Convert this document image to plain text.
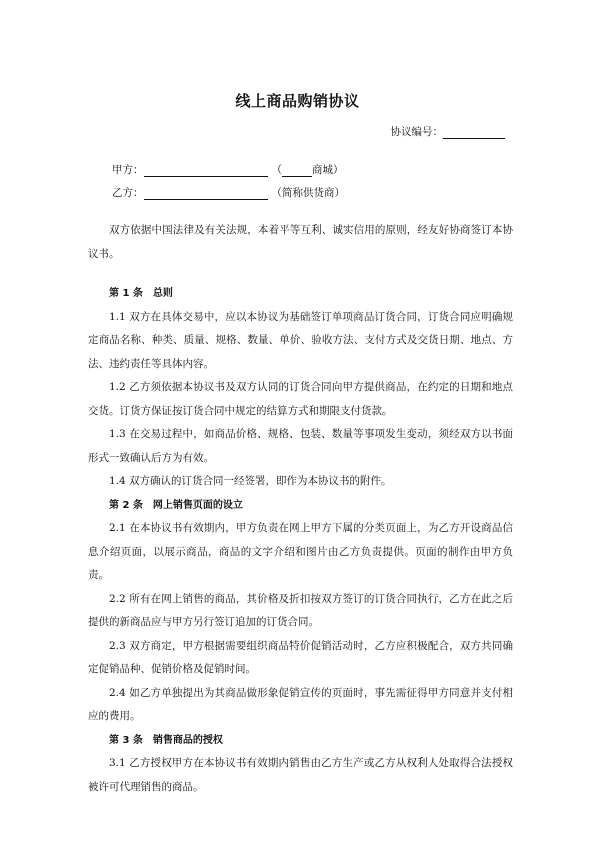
线上商品购销协议
协议编号：
甲方：	（	商城）
乙方：	（简称供货商）

双方依据中国法律及有关法规，本着平等互利、诚实信用的原则，经友好协商签订本协议书。

第 1 条　总则

1.1 双方在具体交易中，应以本协议为基础签订单项商品订货合同，订货合同应明确规定商品名称、种类、质量、规格、数量、单价、验收方法、支付方式及交货日期、地点、方法、违约责任等具体内容。

1.2 乙方须依据本协议书及双方认同的订货合同向甲方提供商品，在约定的日期和地点交货。订货方保证按订货合同中规定的结算方式和期限支付货款。

1.3 在交易过程中，如商品价格、规格、包装、数量等事项发生变动，须经双方以书面形式一致确认后方为有效。

1.4 双方确认的订货合同一经签署，即作为本协议书的附件。

第 2 条　网上销售页面的设立

2.1 在本协议书有效期内，甲方负责在网上甲方下属的分类页面上，为乙方开设商品信息介绍页面，以展示商品，商品的文字介绍和图片由乙方负责提供。页面的制作由甲方负责。

2.2 所有在网上销售的商品，其价格及折扣按双方签订的订货合同执行，乙方在此之后提供的新商品应与甲方另行签订追加的订货合同。

2.3 双方商定，甲方根据需要组织商品特价促销活动时，乙方应积极配合，双方共同确定促销品种、促销价格及促销时间。

2.4 如乙方单独提出为其商品做形象促销宣传的页面时，事先需征得甲方同意并支付相应的费用。

第 3 条　销售商品的授权

3.1 乙方授权甲方在本协议书有效期内销售由乙方生产或乙方从权利人处取得合法授权被许可代理销售的商品。
